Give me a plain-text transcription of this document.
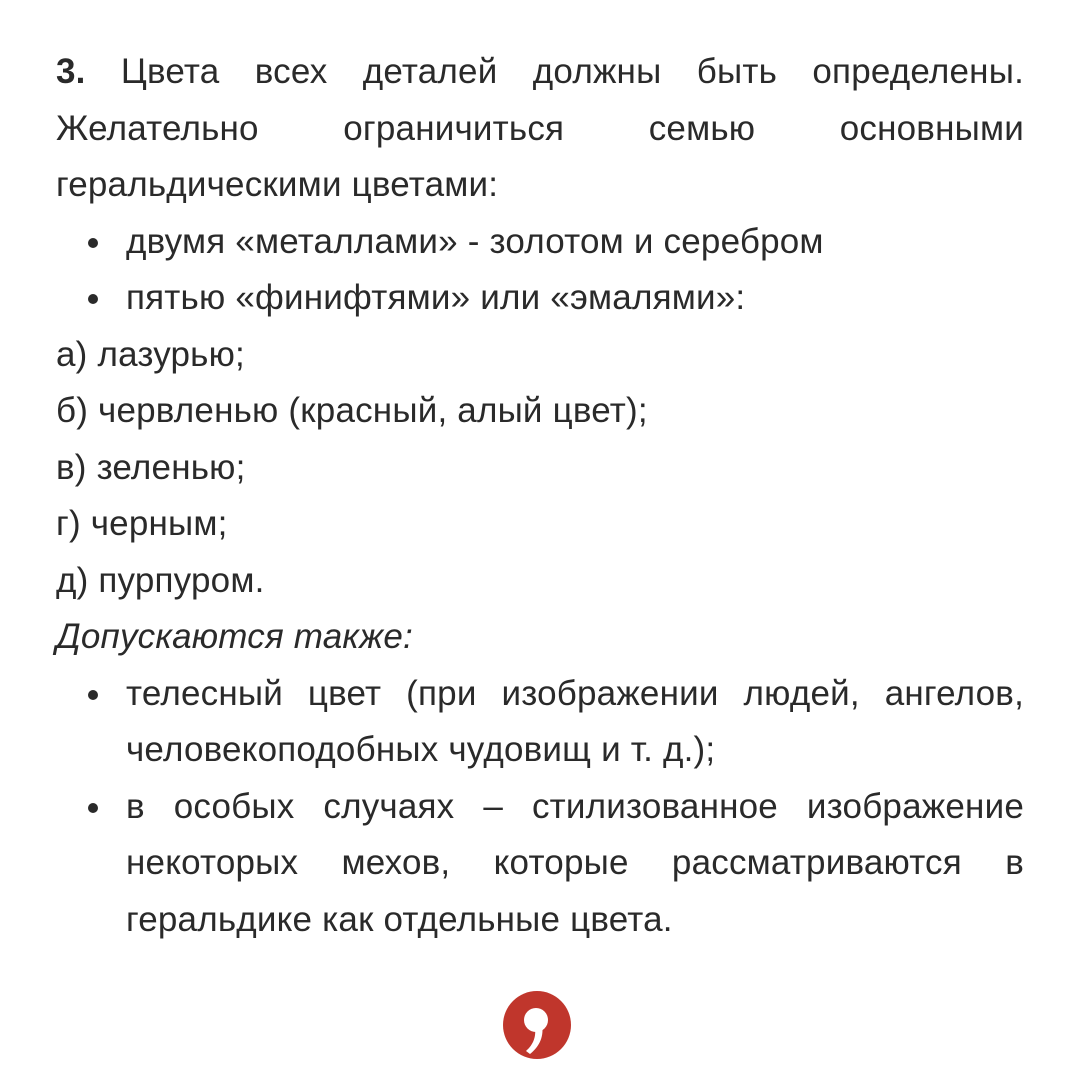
3. Цвета всех деталей должны быть определены. Желательно ограничиться семью основными геральдическими цветами:
двумя «металлами» - золотом и серебром
пятью «финифтями» или «эмалями»:
а) лазурью;
б) червленью (красный, алый цвет);
в) зеленью;
г) черным;
д) пурпуром.
Допускаются также:
телесный цвет (при изображении людей, ангелов, человекоподобных чудовищ и т. д.);
в особых случаях – стилизованное изображение некоторых мехов, которые рассматриваются в геральдике как отдельные цвета.
